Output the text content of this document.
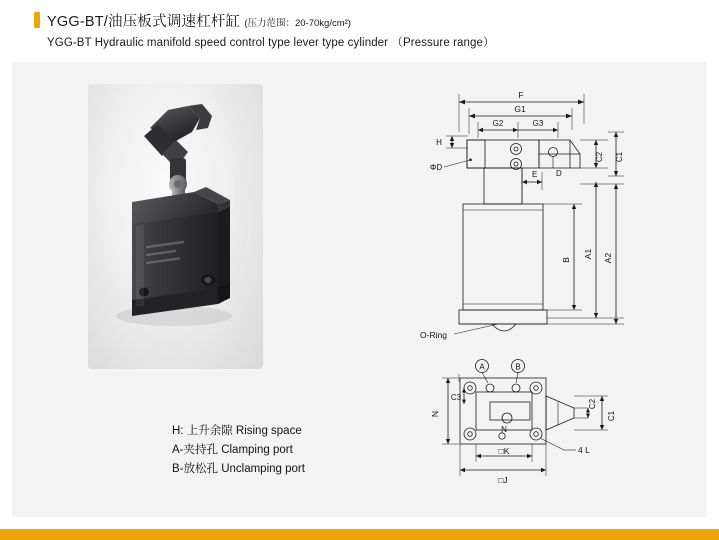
YGG-BT/油压板式调速杠杆缸 (压力范围：20-70kg/cm²)
YGG-BT Hydraulic manifold speed control type lever type cylinder （Pressure range）
H: 上升余隙 Rising space
A-夹持孔 Clamping port
B-放松孔 Unclamping port
F
G1
G2	G3
H
ΦD
D
E
C2 C1
B
A1 A2
O-Ring
A	B
C3
N
N
□K
□J
C2
C1
4 L
